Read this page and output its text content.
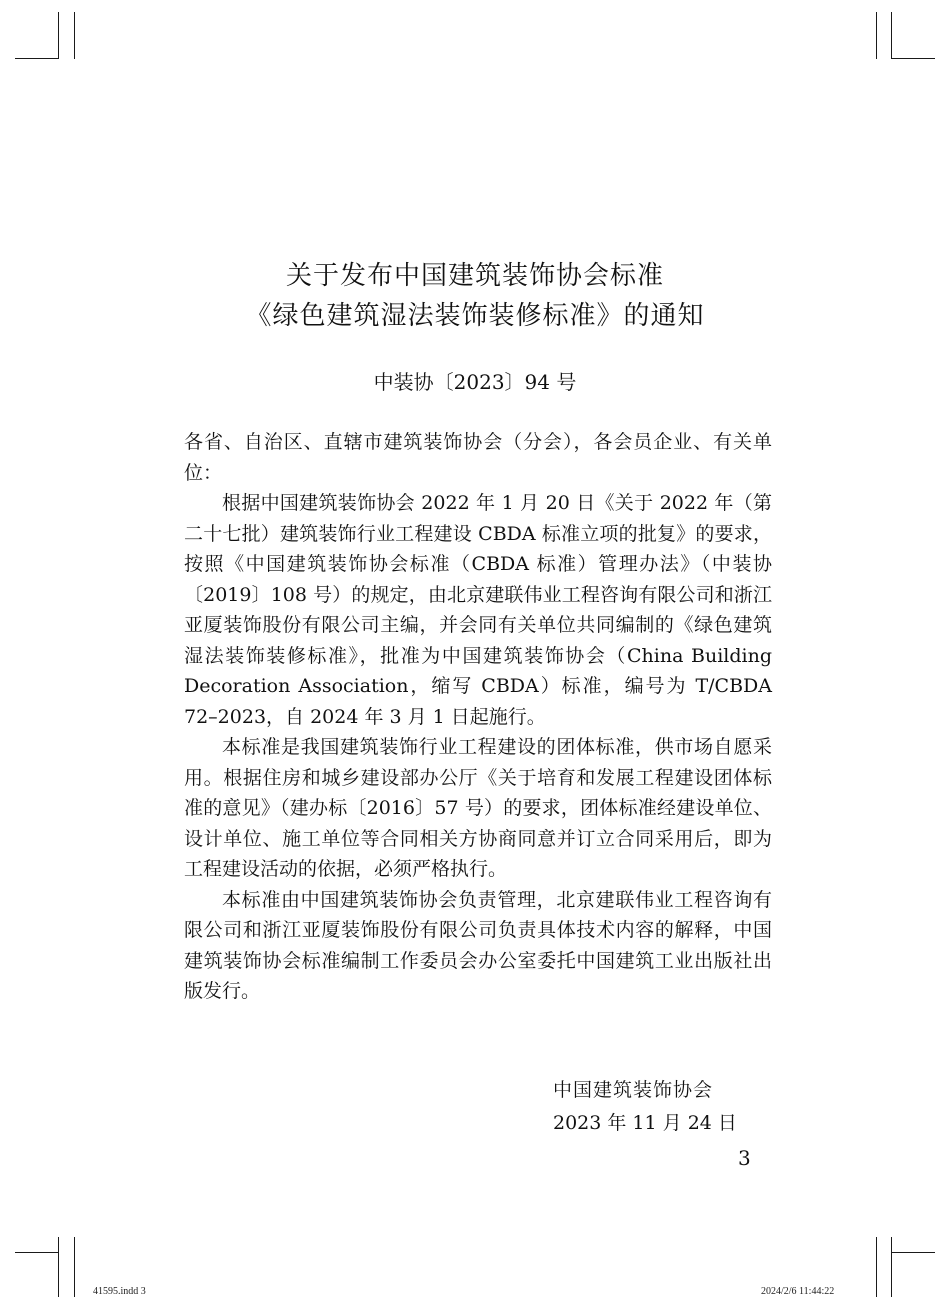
关于发布中国建筑装饰协会标准
《绿色建筑湿法装饰装修标准》的通知
中装协〔2023〕94 号

各省、自治区、直辖市建筑装饰协会（分会），各会员企业、有关单位：

根据中国建筑装饰协会 2022 年 1 月 20 日《关于 2022 年（第二十七批）建筑装饰行业工程建设 CBDA 标准立项的批复》的要求，按照《中国建筑装饰协会标准（CBDA 标准）管理办法》（中装协〔2019〕108 号）的规定，由北京建联伟业工程咨询有限公司和浙江亚厦装饰股份有限公司主编，并会同有关单位共同编制的《绿色建筑湿法装饰装修标准》，批准为中国建筑装饰协会（China Building Decoration Association，缩写 CBDA）标准，编号为 T/CBDA 72–2023，自 2024 年 3 月 1 日起施行。

本标准是我国建筑装饰行业工程建设的团体标准，供市场自愿采用。根据住房和城乡建设部办公厅《关于培育和发展工程建设团体标准的意见》（建办标〔2016〕57 号）的要求，团体标准经建设单位、设计单位、施工单位等合同相关方协商同意并订立合同采用后，即为工程建设活动的依据，必须严格执行。

本标准由中国建筑装饰协会负责管理，北京建联伟业工程咨询有限公司和浙江亚厦装饰股份有限公司负责具体技术内容的解释，中国建筑装饰协会标准编制工作委员会办公室委托中国建筑工业出版社出版发行。

中国建筑装饰协会
2023 年 11 月 24 日
3
41595.indd 3	2024/2/6 11:44:22
